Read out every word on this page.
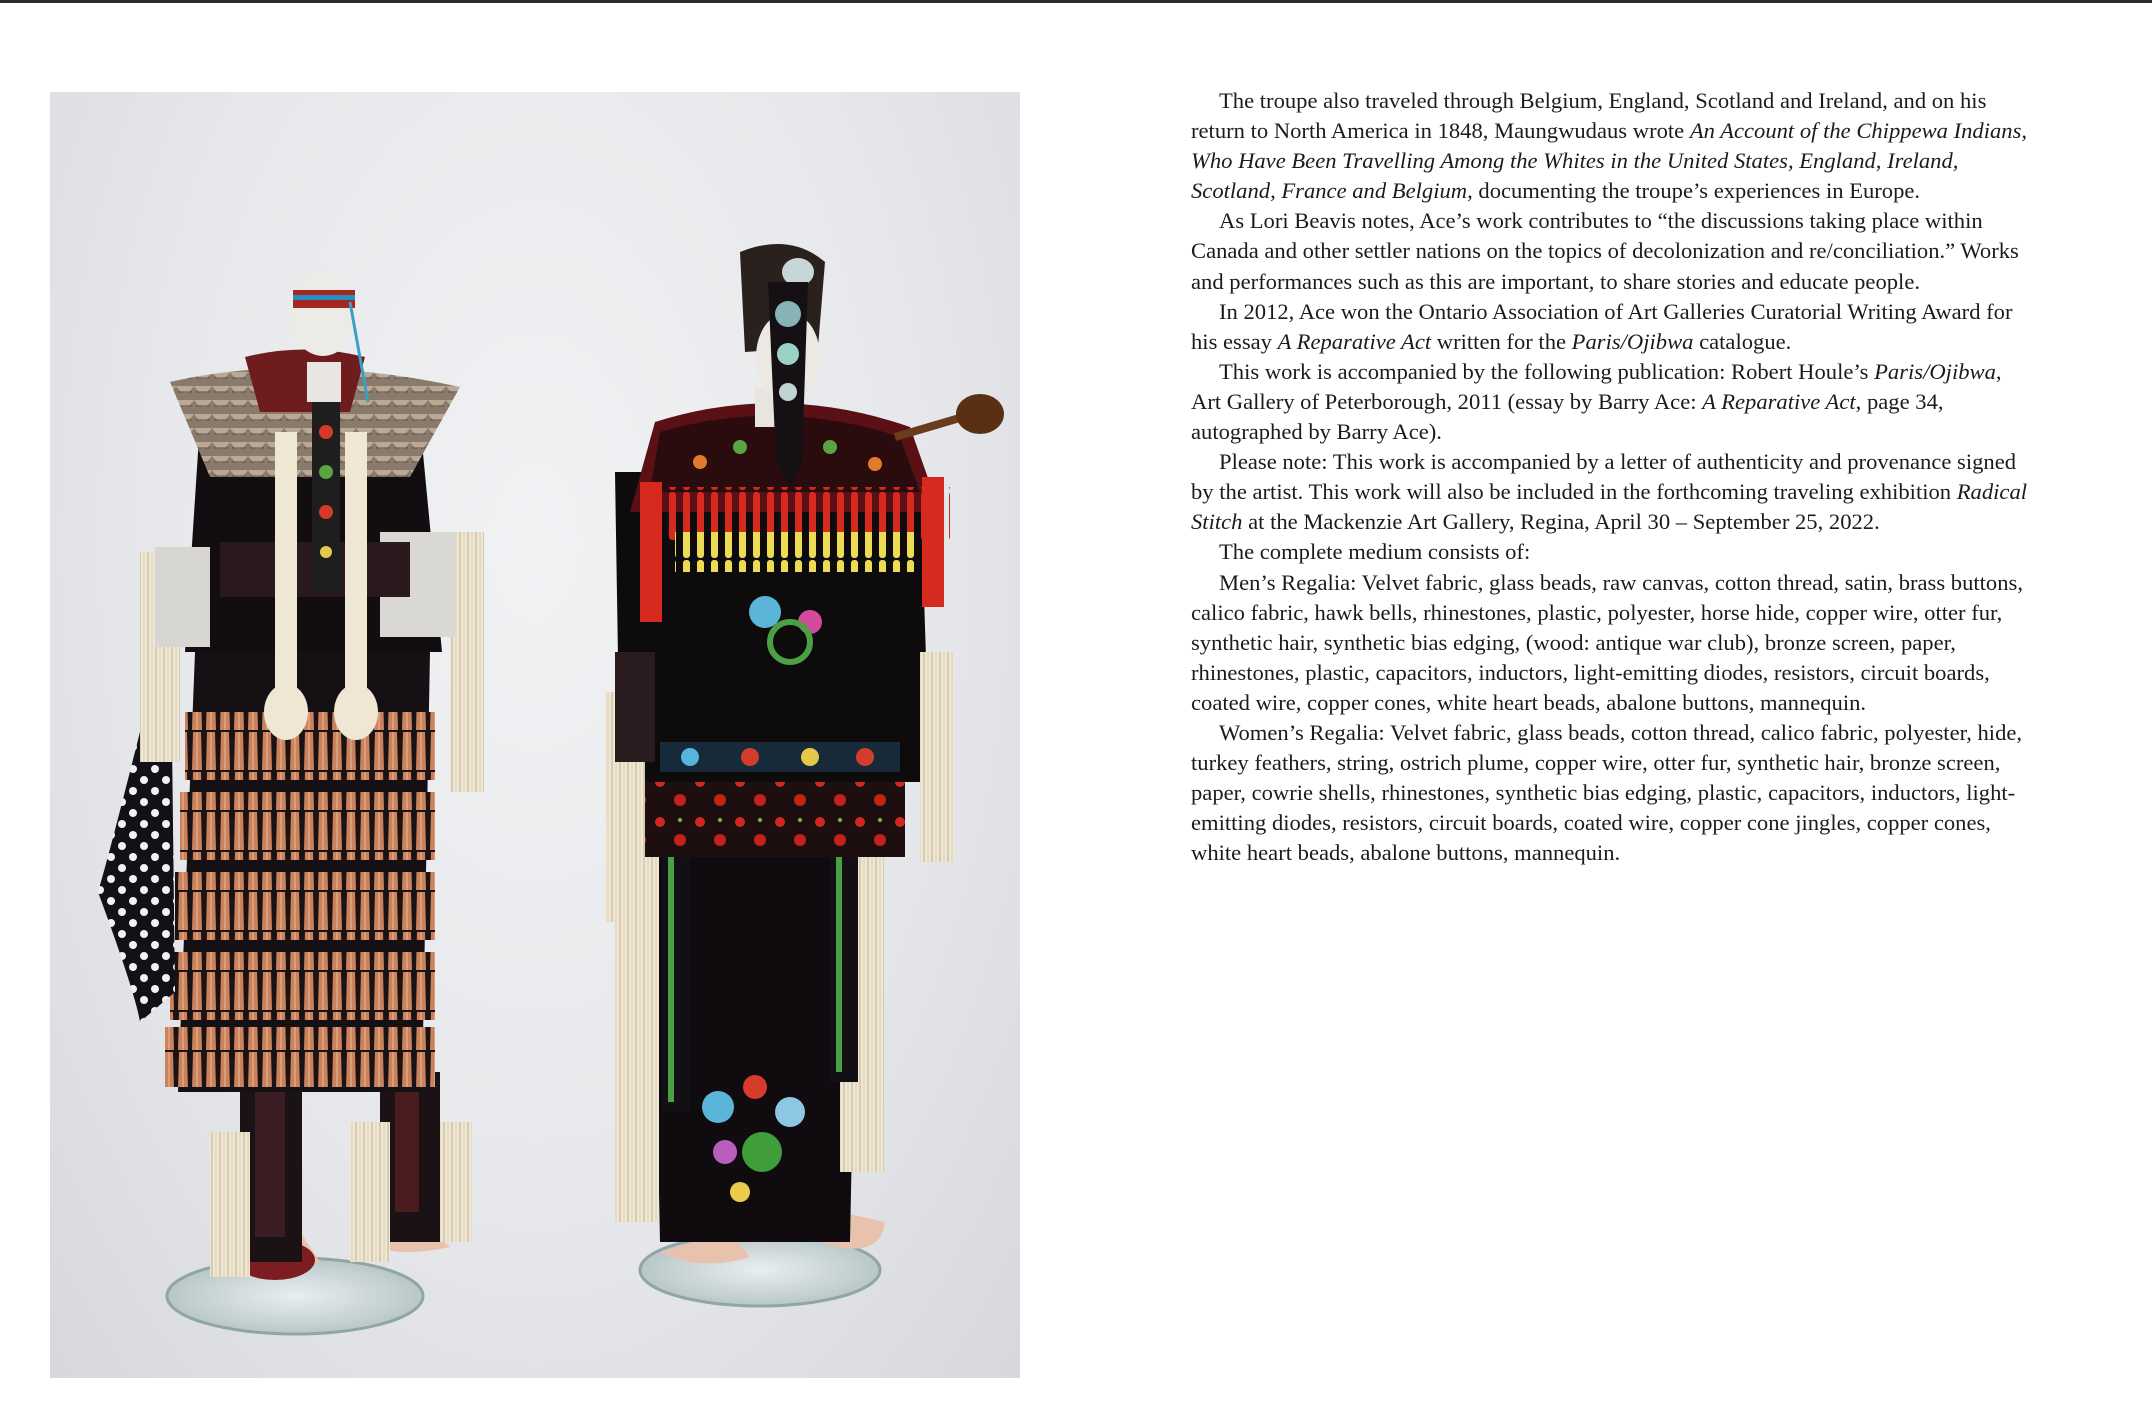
The troupe also traveled through Belgium, England, Scotland and Ireland, and on his return to North America in 1848, Maungwudaus wrote An Account of the Chippewa Indians, Who Have Been Travelling Among the Whites in the United States, England, Ireland, Scotland, France and Belgium, documenting the troupe’s experiences in Europe.

As Lori Beavis notes, Ace’s work contributes to “the discussions taking place within Canada and other settler nations on the topics of decolonization and re/conciliation.” Works and performances such as this are important, to share stories and educate people.

In 2012, Ace won the Ontario Association of Art Galleries Curatorial Writing Award for his essay A Reparative Act written for the Paris/Ojibwa catalogue.

This work is accompanied by the following publication: Robert Houle’s Paris/Ojibwa, Art Gallery of Peterborough, 2011 (essay by Barry Ace: A Reparative Act, page 34, autographed by Barry Ace).

Please note: This work is accompanied by a letter of authenticity and provenance signed by the artist. This work will also be included in the forthcoming traveling exhibition Radical Stitch at the Mackenzie Art Gallery, Regina, April 30 – September 25, 2022.

The complete medium consists of:

Men’s Regalia: Velvet fabric, glass beads, raw canvas, cotton thread, satin, brass buttons, calico fabric, hawk bells, rhinestones, plastic, polyester, horse hide, copper wire, otter fur, synthetic hair, synthetic bias edging, (wood: antique war club), bronze screen, paper, rhinestones, plastic, capacitors, inductors, light-emitting diodes, resistors, circuit boards, coated wire, copper cones, white heart beads, abalone buttons, mannequin.

Women’s Regalia: Velvet fabric, glass beads, cotton thread, calico fabric, polyester, hide, turkey feathers, string, ostrich plume, copper wire, otter fur, synthetic hair, bronze screen, paper, cowrie shells, rhinestones, synthetic bias edging, plastic, capacitors, inductors, light-emitting diodes, resistors, circuit boards, coated wire, copper cone jingles, copper cones, white heart beads, abalone buttons, mannequin.
